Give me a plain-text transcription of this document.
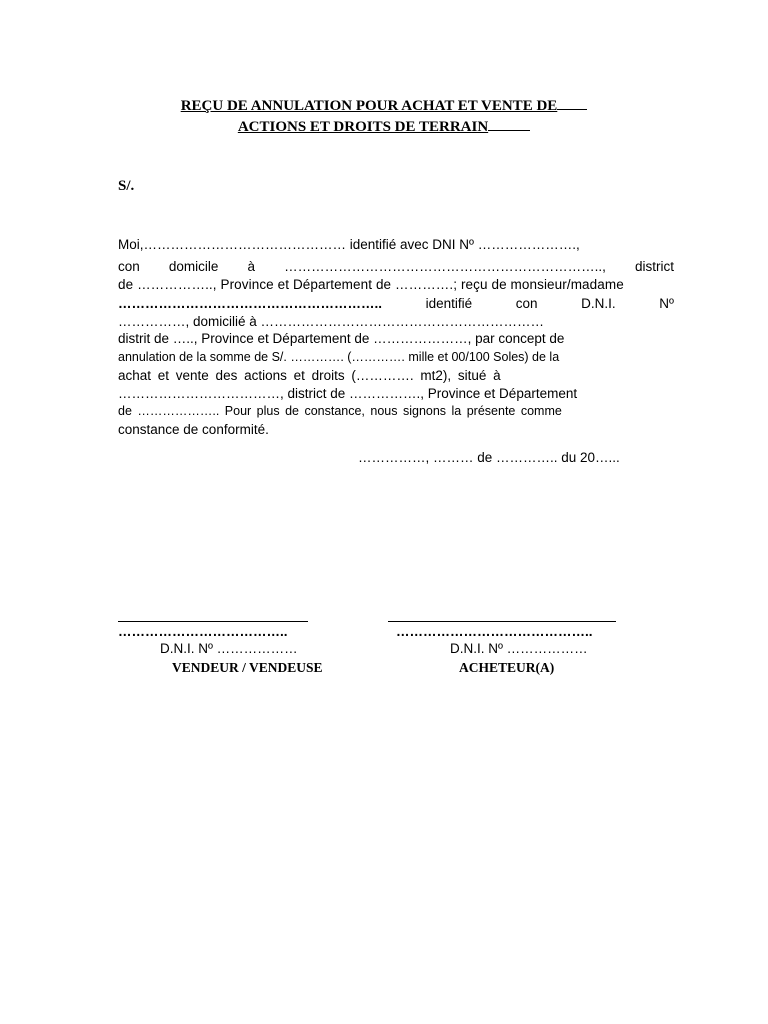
REÇU DE ANNULATION POUR ACHAT ET VENTE DE
ACTIONS ET DROITS DE TERRAIN
S/.
Moi,……………………………………… identifié avec DNI Nº ………………….,
con domicile à …………………………………………………………….., district
de …………….., Province et Département de ………….; reçu de monsieur/madame
…………………………………………………..	identifié	con	D.N.I.	Nº
……………, domicilié à ………………………………………………………
distrit de ….., Province et Département de …………………, par concept de
annulation de la somme de S/. …………. (…………. mille et 00/100 Soles) de la
achat et vente des actions et droits (…………. mt2), situé à
………………………………, district de ……………., Province et Département
de ……………….. Pour plus de constance, nous signons la présente comme
constance de conformité.
……………, ……… de ………….. du 20…...
………………………………..
D.N.I. Nº ………………
VENDEUR / VENDEUSE
……………………………………..
D.N.I. Nº ………………
ACHETEUR(A)
